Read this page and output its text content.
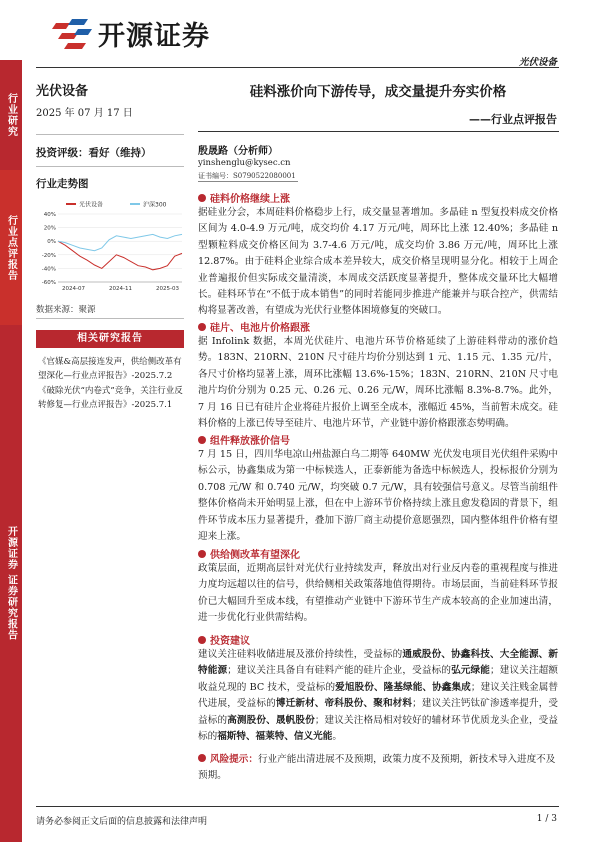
行业研究
行业点评报告
开源证券 证券研究报告
开源证券
光伏设备
光伏设备
2025 年 07 月 17 日
投资评级：看好（维持）
行业走势图
光伏设备	沪深300
40%
20%
0%
-20%
-40%
-60%
2024-07	2024-11	2025-03
数据来源：聚源
相关研究报告
《官媒&高层接连发声，供给侧改革有望深化—行业点评报告》-2025.7.2
《破除光伏“内卷式”竞争，关注行业反转修复—行业点评报告》-2025.7.1
硅料涨价向下游传导，成交量提升夯实价格
——行业点评报告
殷晟路（分析师）
yinshenglu@kysec.cn
证书编号：S0790522080001
硅料价格继续上涨
据硅业分会，本周硅料价格稳步上行，成交量显著增加。多晶硅 n 型复投料成交价格区间为 4.0-4.9 万元/吨，成交均价 4.17 万元/吨，周环比上涨 12.40%；多晶硅 n 型颗粒料成交价格区间为 3.7-4.6 万元/吨，成交均价 3.86 万元/吨，周环比上涨 12.87%。由于硅料企业综合成本差异较大，成交价格呈现明显分化。相较于上周企业普遍报价但实际成交量清淡，本周成交活跃度显著提升，整体成交量环比大幅增长。硅料环节在“不低于成本销售”的同时若能同步推进产能兼并与联合控产，供需结构将显著改善，有望成为光伏行业整体困境修复的突破口。
硅片、电池片价格跟涨
据 Infolink 数据，本周光伏硅片、电池片环节价格延续了上游硅料带动的涨价趋势。183N、210RN、210N 尺寸硅片均价分别达到 1 元、1.15 元、1.35 元/片，各尺寸价格均显著上涨，周环比涨幅 13.6%-15%；183N、210RN、210N 尺寸电池片均价分别为 0.25 元、0.26 元、0.26 元/W，周环比涨幅 8.3%-8.7%。此外，7 月 16 日已有硅片企业将硅片报价上调至全成本，涨幅近 45%，当前暂未成交。硅料价格的上涨已传导至硅片、电池片环节，产业链中游价格跟涨态势明确。
组件释放涨价信号
7 月 15 日，四川华电凉山州盐源白乌二期等 640MW 光伏发电项目光伏组件采购中标公示，协鑫集成为第一中标候选人，正泰新能为备选中标候选人，投标报价分别为 0.708 元/W 和 0.740 元/W，均突破 0.7 元/W，具有较强信号意义。尽管当前组件整体价格尚未开始明显上涨，但在中上游环节价格持续上涨且愈发稳固的背景下，组件环节成本压力显著提升，叠加下游厂商主动提价意愿强烈，国内整体组件价格有望迎来上涨。
供给侧改革有望深化
政策层面，近期高层针对光伏行业持续发声，释放出对行业反内卷的重视程度与推进力度均远超以往的信号，供给侧相关政策落地值得期待。市场层面，当前硅料环节报价已大幅回升至成本线，有望推动产业链中下游环节生产成本较高的企业加速出清，进一步优化行业供需结构。
投资建议
建议关注硅料收储进展及涨价持续性，受益标的通威股份、协鑫科技、大全能源、新特能源；建议关注具备自有硅料产能的硅片企业，受益标的弘元绿能；建议关注超额收益兑现的 BC 技术，受益标的爱旭股份、隆基绿能、协鑫集成；建议关注贱金属替代进展，受益标的博迁新材、帝科股份、聚和材料；建议关注钙钛矿渗透率提升，受益标的高测股份、晟帆股份；建议关注格局相对较好的辅材环节优质龙头企业，受益标的福斯特、福莱特、信义光能。
风险提示：行业产能出清进展不及预期，政策力度不及预期，新技术导入进度不及预期。
请务必参阅正文后面的信息披露和法律声明	1 / 3
